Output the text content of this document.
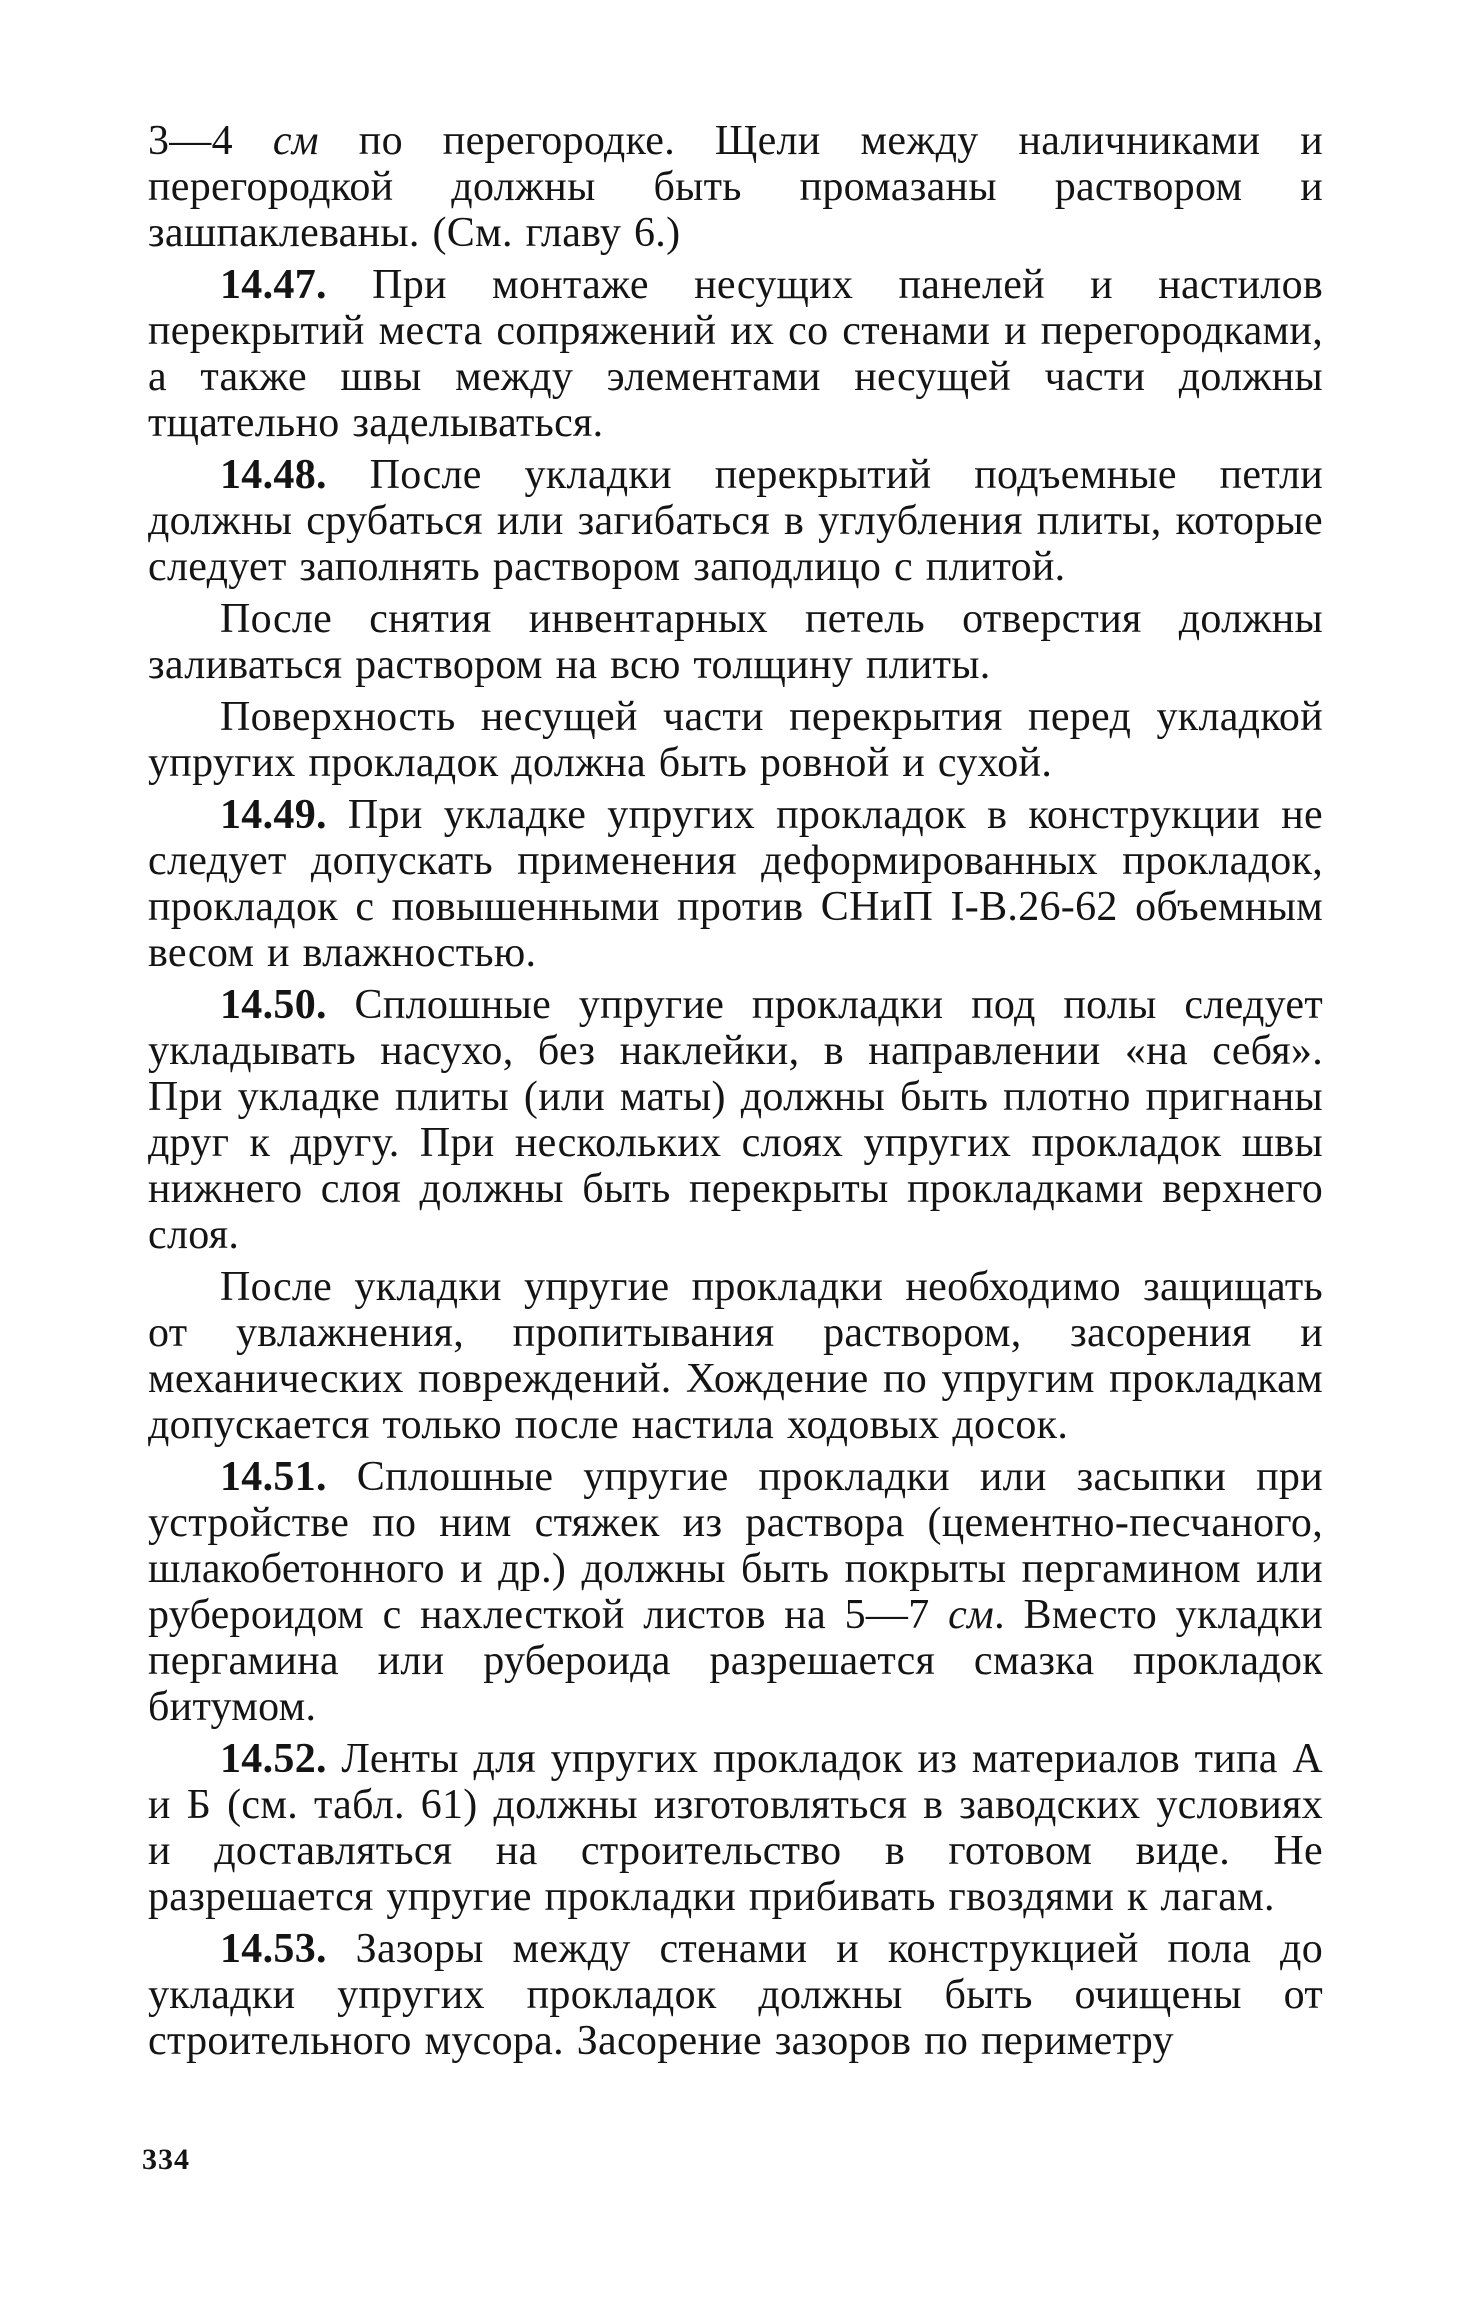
3—4 см по перегородке. Щели между наличниками и перегородкой должны быть промазаны раствором и зашпаклеваны. (См. главу 6.)

14.47. При монтаже несущих панелей и настилов перекрытий места сопряжений их со стенами и перегородками, а также швы между элементами несущей части должны тщательно заделываться.

14.48. После укладки перекрытий подъемные петли должны срубаться или загибаться в углубления плиты, которые следует заполнять раствором заподлицо с плитой.

После снятия инвентарных петель отверстия должны заливаться раствором на всю толщину плиты.

Поверхность несущей части перекрытия перед укладкой упругих прокладок должна быть ровной и сухой.

14.49. При укладке упругих прокладок в конструкции не следует допускать применения деформированных прокладок, прокладок с повышенными против СНиП I-В.26-62 объемным весом и влажностью.

14.50. Сплошные упругие прокладки под полы следует укладывать насухо, без наклейки, в направлении «на себя». При укладке плиты (или маты) должны быть плотно пригнаны друг к другу. При нескольких слоях упругих прокладок швы нижнего слоя должны быть перекрыты прокладками верхнего слоя.

После укладки упругие прокладки необходимо защищать от увлажнения, пропитывания раствором, засорения и механических повреждений. Хождение по упругим прокладкам допускается только после настила ходовых досок.

14.51. Сплошные упругие прокладки или засыпки при устройстве по ним стяжек из раствора (цементно-песчаного, шлакобетонного и др.) должны быть покрыты пергамином или рубероидом с нахлесткой листов на 5—7 см. Вместо укладки пергамина или рубероида разрешается смазка прокладок битумом.

14.52. Ленты для упругих прокладок из материалов типа А и Б (см. табл. 61) должны изготовляться в заводских условиях и доставляться на строительство в готовом виде. Не разрешается упругие прокладки прибивать гвоздями к лагам.

14.53. Зазоры между стенами и конструкцией пола до укладки упругих прокладок должны быть очищены от строительного мусора. Засорение зазоров по периметру

334
